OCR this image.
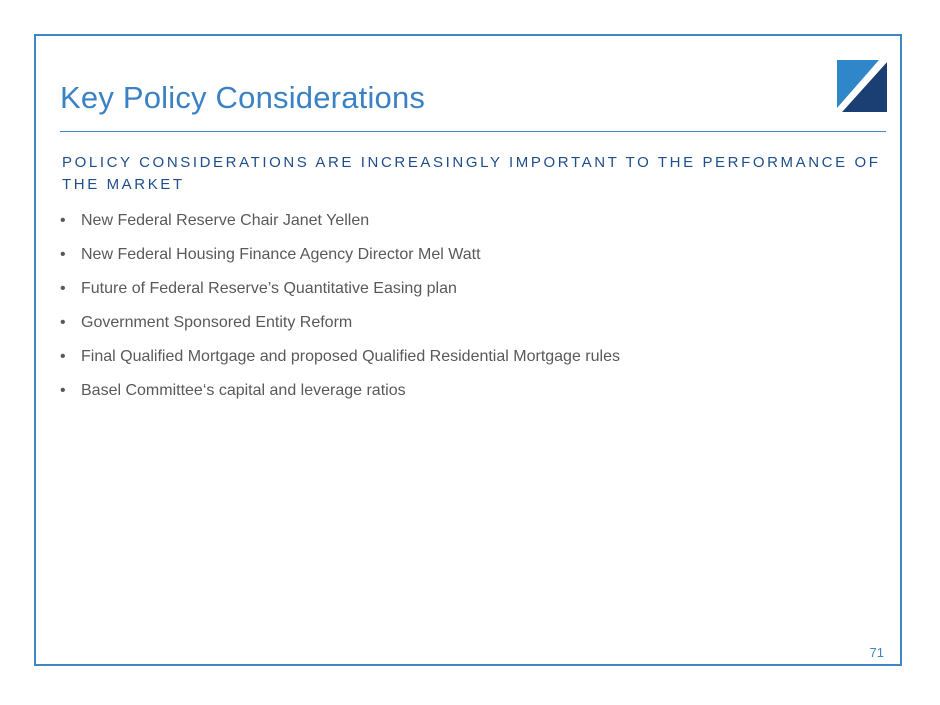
Key Policy Considerations
POLICY CONSIDERATIONS ARE INCREASINGLY IMPORTANT TO THE PERFORMANCE OF THE MARKET
• New Federal Reserve Chair Janet Yellen
• New Federal Housing Finance Agency Director Mel Watt
• Future of Federal Reserve’s Quantitative Easing plan
• Government Sponsored Entity Reform
• Final Qualified Mortgage and proposed Qualified Residential Mortgage rules
• Basel Committee‘s capital and leverage ratios
71
